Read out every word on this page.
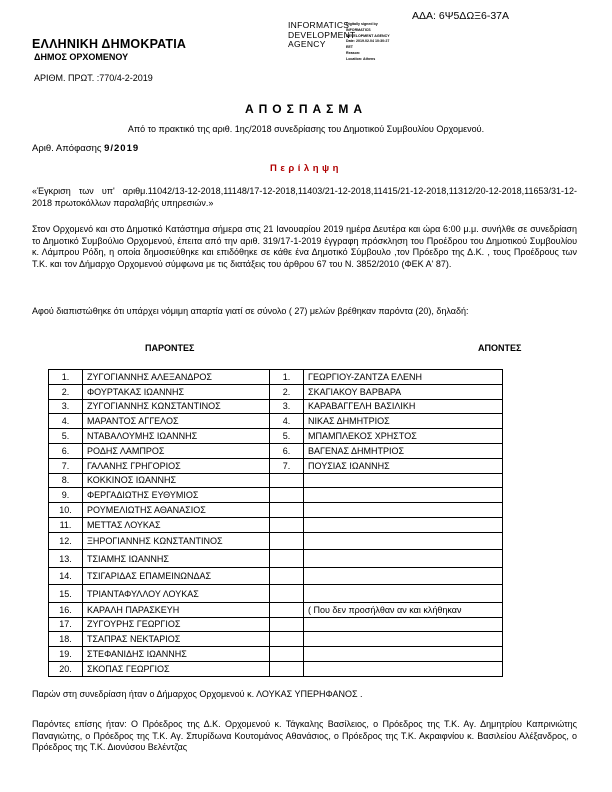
ΑΔΑ: 6Ψ5ΔΩΞ6-37Α
ΕΛΛΗΝΙΚΗ ΔΗΜΟΚΡΑΤΙΑ
ΔΗΜΟΣ ΟΡΧΟΜΕΝΟΥ
ΑΡΙΘΜ. ΠΡΩΤ. :770/4-2-2019
INFORMATICS
DEVELOPMENT
AGENCY
Digitally signed by
INFORMATICS
DEVELOPMENT AGENCY
Date: 2019.02.04 10:30:27
EET
Reason:
Location: Athens
ΑΠΟΣΠΑΣΜΑ
Από το πρακτικό της αριθ. 1ης/2018 συνεδρίασης του Δημοτικού Συμβουλίου Ορχομενού.
Αριθ. Απόφασης 9/2019
Περίληψη
«Έγκριση των υπ' αριθμ.11042/13-12-2018,11148/17-12-2018,11403/21-12-2018,11415/21-12-2018,11312/20-12-2018,11653/31-12-2018 πρωτοκόλλων παραλαβής υπηρεσιών.»
Στον Ορχομενό και στο Δημοτικό Κατάστημα σήμερα στις 21 Ιανουαρίου 2019 ημέρα Δευτέρα και ώρα 6:00 μ.μ. συνήλθε σε συνεδρίαση το Δημοτικό Συμβούλιο Ορχομενού, έπειτα από την αριθ. 319/17-1-2019 έγγραφη πρόσκληση του Προέδρου του Δημοτικού Συμβουλίου κ. Λάμπρου Ρόδη, η οποία δημοσιεύθηκε και επιδόθηκε σε κάθε ένα Δημοτικό Σύμβουλο ,τον Πρόεδρο της Δ.Κ. , τους Προέδρους των Τ.Κ. και τον Δήμαρχο Ορχομενού σύμφωνα με τις διατάξεις του άρθρου 67 του Ν. 3852/2010 (ΦΕΚ Α' 87).
Αφού διαπιστώθηκε ότι υπάρχει νόμιμη απαρτία γιατί σε σύνολο ( 27) μελών βρέθηκαν παρόντα (20), δηλαδή:
ΠΑΡΟΝΤΕΣ	ΑΠΟΝΤΕΣ
1.	ΖΥΓΟΓΙΑΝΝΗΣ ΑΛΕΞΑΝΔΡΟΣ	1.	ΓΕΩΡΓΙΟΥ-ΖΑΝΤΖΑ ΕΛΕΝΗ
2.	ΦΟΥΡΤΑΚΑΣ ΙΩΑΝΝΗΣ	2.	ΣΚΑΓΙΑΚΟΥ ΒΑΡΒΑΡΑ
3.	ΖΥΓΟΓΙΑΝΝΗΣ ΚΩΝΣΤΑΝΤΙΝΟΣ	3.	ΚΑΡΑΒΑΓΓΕΛΗ ΒΑΣΙΛΙΚΗ
4.	ΜΑΡΑΝΤΟΣ ΑΓΓΕΛΟΣ	4.	ΝΙΚΑΣ ΔΗΜΗΤΡΙΟΣ
5.	ΝΤΑΒΑΛΟΥΜΗΣ ΙΩΑΝΝΗΣ	5.	ΜΠΑΜΠΛΕΚΟΣ ΧΡΗΣΤΟΣ
6.	ΡΟΔΗΣ ΛΑΜΠΡΟΣ	6.	ΒΑΓΕΝΑΣ ΔΗΜΗΤΡΙΟΣ
7.	ΓΑΛΑΝΗΣ ΓΡΗΓΟΡΙΟΣ	7.	ΠΟΥΣΙΑΣ ΙΩΑΝΝΗΣ
8.	ΚΟΚΚΙΝΟΣ ΙΩΑΝΝΗΣ		
9.	ΦΕΡΓΑΔΙΩΤΗΣ ΕΥΘΥΜΙΟΣ		
10.	ΡΟΥΜΕΛΙΩΤΗΣ ΑΘΑΝΑΣΙΟΣ		
11.	ΜΕΤΤΑΣ ΛΟΥΚΑΣ		
12.	ΞΗΡΟΓΙΑΝΝΗΣ ΚΩΝΣΤΑΝΤΙΝΟΣ		
13.	ΤΣΙΑΜΗΣ ΙΩΑΝΝΗΣ		
14.	ΤΣΙΓΑΡΙΔΑΣ ΕΠΑΜΕΙΝΩΝΔΑΣ		
15.	ΤΡΙΑΝΤΑΦΥΛΛΟΥ ΛΟΥΚΑΣ		
16.	ΚΑΡΑΛΗ ΠΑΡΑΣΚΕΥΗ		( Που δεν προσήλθαν αν και κλήθηκαν
17.	ΖΥΓΟΥΡΗΣ ΓΕΩΡΓΙΟΣ		
18.	ΤΣΑΠΡΑΣ ΝΕΚΤΑΡΙΟΣ		
19.	ΣΤΕΦΑΝΙΔΗΣ ΙΩΑΝΝΗΣ		
20.	ΣΚΟΠΑΣ ΓΕΩΡΓΙΟΣ		
Παρών στη συνεδρίαση ήταν ο Δήμαρχος Ορχομενού κ. ΛΟΥΚΑΣ ΥΠΕΡΗΦΑΝΟΣ .
Παρόντες επίσης ήταν: Ο Πρόεδρος της Δ.Κ. Ορχομενού κ. Τάγκαλης Βασίλειος, ο Πρόεδρος της Τ.Κ. Αγ. Δημητρίου Καπρινιώτης Παναγιώτης, ο Πρόεδρος της Τ.Κ. Αγ. Σπυρίδωνα Κουτομάνος Αθανάσιος, ο Πρόεδρος της Τ.Κ. Ακραιφνίου κ. Βασιλείου Αλέξανδρος, ο Πρόεδρος της Τ.Κ. Διονύσου Βελέντζας
